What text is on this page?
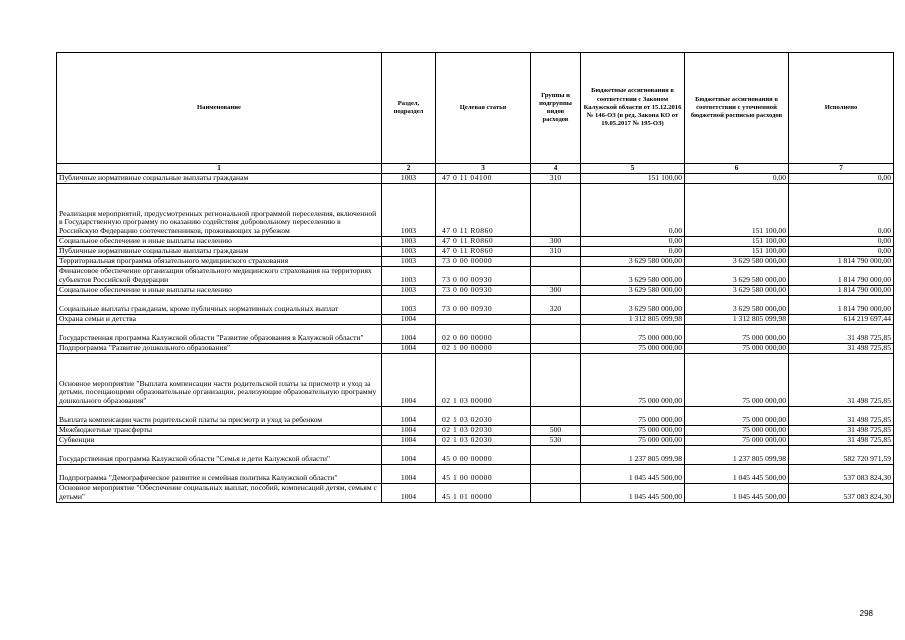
Наименование	Раздел, подраздел	Целевая статья	Группы и подгруппы видов расходов	Бюджетные ассигнования в соответствии с Законом Калужской области от 15.12.2016 № 146-ОЗ (в ред. Закона КО от 19.05.2017 № 195-ОЗ)	Бюджетные ассигнования в соответствии с уточненной бюджетной росписью расходов	Исполнено
1	2	3	4	5	6	7
Публичные нормативные социальные выплаты гражданам	1003	47 0 11 04100	310	151 100,00	0,00	0,00
Реализация мероприятий, предусмотренных региональной программой переселения, включенной в Государственную программу по оказанию содействия добровольному переселению в Российскую Федерацию соотечественников, проживающих за рубежом	1003	47 0 11 R0860		0,00	151 100,00	0,00
Социальное обеспечение и иные выплаты населению	1003	47 0 11 R0860	300	0,00	151 100,00	0,00
Публичные нормативные социальные выплаты гражданам	1003	47 0 11 R0860	310	0,00	151 100,00	0,00
Территориальная программа обязательного медицинского страхования	1003	73 0 00 00000		3 629 580 000,00	3 629 580 000,00	1 814 790 000,00
Финансовое обеспечение организации обязательного медицинского страхования на территориях субъектов Российской Федерации	1003	73 0 00 00930		3 629 580 000,00	3 629 580 000,00	1 814 790 000,00
Социальное обеспечение и иные выплаты населению	1003	73 0 00 00930	300	3 629 580 000,00	3 629 580 000,00	1 814 790 000,00
Социальные выплаты гражданам, кроме публичных нормативных социальных выплат	1003	73 0 00 00930	320	3 629 580 000,00	3 629 580 000,00	1 814 790 000,00
Охрана семьи и детства	1004			1 312 805 099,98	1 312 805 099,98	614 219 697,44
Государственная программа Калужской области "Развитие образования в Калужской области"	1004	02 0 00 00000		75 000 000,00	75 000 000,00	31 498 725,85
Подпрограмма "Развитие дошкольного образования"	1004	02 1 00 00000		75 000 000,00	75 000 000,00	31 498 725,85
Основное мероприятие "Выплата компенсации части родительской платы за присмотр и уход за детьми, посещающими образовательные организации, реализующие образовательную программу дошкольного образования"	1004	02 1 03 00000		75 000 000,00	75 000 000,00	31 498 725,85
Выплата компенсации части родительской платы за присмотр и уход за ребенком	1004	02 1 03 02030		75 000 000,00	75 000 000,00	31 498 725,85
Межбюджетные трансферты	1004	02 1 03 02030	500	75 000 000,00	75 000 000,00	31 498 725,85
Субвенции	1004	02 1 03 02030	530	75 000 000,00	75 000 000,00	31 498 725,85
Государственная программа Калужской области "Семья и дети Калужской области"	1004	45 0 00 00000		1 237 805 099,98	1 237 805 099,98	582 720 971,59
Подпрограмма "Демографическое развитие и семейная политика Калужской области"	1004	45 1 00 00000		1 045 445 500,00	1 045 445 500,00	537 083 824,30
Основное мероприятие "Обеспечение социальных выплат, пособий, компенсаций детям, семьям с детьми"	1004	45 1 01 00000		1 045 445 500,00	1 045 445 500,00	537 083 824,30
298
